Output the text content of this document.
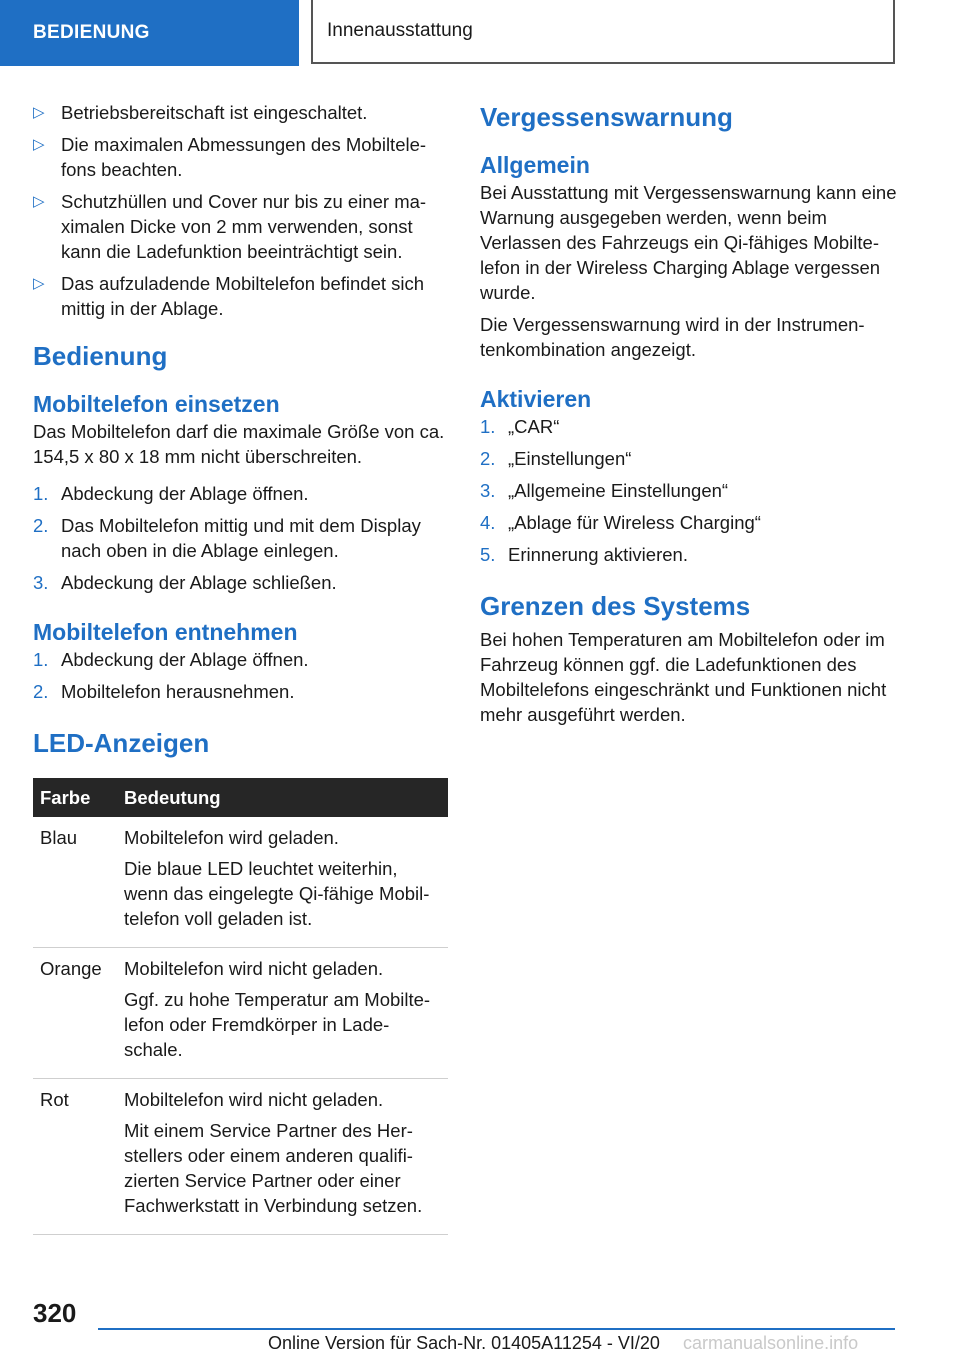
BEDIENUNG	Innenausstattung
▷ Betriebsbereitschaft ist eingeschaltet.
▷ Die maximalen Abmessungen des Mobiltele- fons beachten.
▷ Schutzhüllen und Cover nur bis zu einer ma- ximalen Dicke von 2 mm verwenden, sonst kann die Ladefunktion beeinträchtigt sein.
▷ Das aufzuladende Mobiltelefon befindet sich mittig in der Ablage.
Bedienung
Mobiltelefon einsetzen

Das Mobiltelefon darf die maximale Größe von ca. 154,5 x 80 x 18 mm nicht überschreiten.

1. Abdeckung der Ablage öffnen.
2. Das Mobiltelefon mittig und mit dem Display nach oben in die Ablage einlegen.
3. Abdeckung der Ablage schließen.
Mobiltelefon entnehmen
1. Abdeckung der Ablage öffnen.
2. Mobiltelefon herausnehmen.
LED-Anzeigen
Farbe	Bedeutung
Blau	Mobiltelefon wird geladen.

Die blaue LED leuchtet weiterhin, wenn das eingelegte Qi-fähige Mobil- telefon voll geladen ist.

Orange	Mobiltelefon wird nicht geladen.

Ggf. zu hohe Temperatur am Mobilte- lefon oder Fremdkörper in Lade- schale.

Rot	Mobiltelefon wird nicht geladen.

Mit einem Service Partner des Her- stellers oder einem anderen qualifi- zierten Service Partner oder einer Fachwerkstatt in Verbindung setzen.

Vergessenswarnung
Allgemein

Bei Ausstattung mit Vergessenswarnung kann eine Warnung ausgegeben werden, wenn beim Verlassen des Fahrzeugs ein Qi-fähiges Mobilte- lefon in der Wireless Charging Ablage vergessen wurde.

Die Vergessenswarnung wird in der Instrumen- tenkombination angezeigt.

Aktivieren
1. „CAR“
2. „Einstellungen“
3. „Allgemeine Einstellungen“
4. „Ablage für Wireless Charging“
5. Erinnerung aktivieren.
Grenzen des Systems

Bei hohen Temperaturen am Mobiltelefon oder im Fahrzeug können ggf. die Ladefunktionen des Mobiltelefons eingeschränkt und Funktionen nicht mehr ausgeführt werden.

320
Online Version für Sach-Nr. 01405A11254 - VI/20 carmanualsonline.info
